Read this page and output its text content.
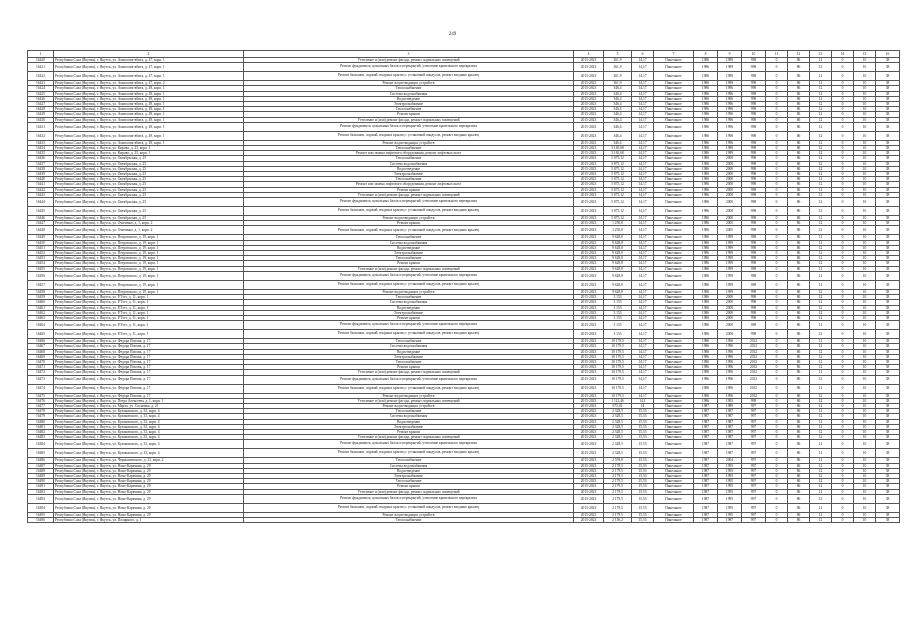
249
1	2	3	4	5	6	7	8	9	10	11	12	13	14	15	16
16420	Республика Саха (Якутия), г. Якутск, ул. Аммосова-вбита, д. 47, корп. 1	Утепление и (или) ремонт фасада, ремонт подвальных помещений	2015-2023	361,9	14,17	Панельное	1986	1989	998	0	86	12	0	10	38
16421	Республика Саха (Якутия), г. Якутск, ул. Аммосова-вбита, д. 47, корп. 1	Ремонт фундамента, цокольных балок и перекрытий, утепление кровельного перекрытия	2015-2023	361,9	14,17	Панельное	1986	1989	998	0	86	12	0	10	38
16422	Республика Саха (Якутия), г. Якутск, ул. Аммосова-вбита, д. 47, корп. 1	Ремонт балконов, лоджий, входных крылец с установкой пандусов, ремонт входных крылец	2015-2023	361,9	14,17	Панельное	1986	1989	998	0	86	12	0	10	38
16423	Республика Саха (Якутия), г. Якутск, ул. Аммосова-вбита, д. 47, корп. 2	Ремонт водоотводящих устройств	2015-2023	361,9	14,17	Панельное	1986	1989	998	0	86	12	0	10	38
16424	Республика Саха (Якутия), г. Якутск, ул. Аммосова-вбита, д. 49, корп. 1	Теплоснабжение	2015-2023	346,4	14,17	Панельное	1986	1996	998	0	86	12	0	10	38
16425	Республика Саха (Якутия), г. Якутск, ул. Аммосова-вбита, д. 49, корп. 1	Система водоснабжения	2015-2023	346,4	14,17	Панельное	1986	1996	998	0	86	12	0	10	38
16426	Республика Саха (Якутия), г. Якутск, ул. Аммосова-вбита, д. 49, корп. 1	Водоотведение	2015-2023	346,4	14,17	Панельное	1986	1996	998	0	86	12	0	10	38
16427	Республика Саха (Якутия), г. Якутск, ул. Аммосова-вбита, д. 49, корп. 1	Электроснабжение	2015-2023	346,4	14,17	Панельное	1986	1996	998	0	86	12	0	10	38
16428	Республика Саха (Якутия), г. Якутск, ул. Аммосова-вбита, д. 49, корп. 1	Теплоснабжение	2015-2023	346,4	14,17	Панельное	1986	1996	998	0	86	12	0	10	38
16429	Республика Саха (Якутия), г. Якутск, ул. Аммосова-вбита, д. 49, корп. 1	Ремонт крыши	2015-2023	346,4	14,17	Панельное	1986	1996	998	0	86	12	0	10	38
16430	Республика Саха (Якутия), г. Якутск, ул. Аммосова-вбита, д. 49, корп. 1	Утепление и (или) ремонт фасада, ремонт подвальных помещений	2015-2023	346,4	14,17	Панельное	1986	1996	998	0	86	12	0	10	38
16431	Республика Саха (Якутия), г. Якутск, ул. Аммосова-вбита, д. 49, корп. 1	Ремонт фундамента, цокольных балок и перекрытий, утепление кровельного перекрытия	2015-2023	346,4	14,17	Панельное	1986	1996	998	0	86	12	0	10	38
16432	Республика Саха (Якутия), г. Якутск, ул. Аммосова-вбита, д. 49, корп. 1	Ремонт балконов, лоджий, входных крылец с установкой пандусов, ремонт входных крылец	2015-2023	346,4	14,17	Панельное	1986	1996	998	0	86	12	0	10	38
16433	Республика Саха (Якутия), г. Якутск, ул. Аммосова-вбита, д. 49, корп. 1	Ремонт водоотводящих устройств	2015-2023	346,4	14,17	Панельное	1986	1996	998	0	86	12	0	10	38
16434	Республика Саха (Якутия), г. Якутск, ул. Кирова, д. 23, корп. 1	Теплоснабжение	2015-2023	3 165,68	14,17	Панельное	1986	1989	998	0	86	12	0	10	38
16435	Республика Саха (Якутия), г. Якутск, ул. Кирова, д. 23, корп. 1	Ремонт или замена лифтового оборудования, ремонт лифтовых шахт	2015-2023	3 165,68	14,17	Панельное	1986	1989	998	0	86	12	0	10	38
16436	Республика Саха (Якутия), г. Якутск, ул. Октябрьская, д. 25	Теплоснабжение	2015-2023	5 875,12	14,17	Панельное	1986	2000	998	0	86	12	0	10	38
16437	Республика Саха (Якутия), г. Якутск, ул. Октябрьская, д. 25	Система водоснабжения	2015-2023	5 875,12	14,17	Панельное	1986	2000	998	0	86	12	0	10	38
16438	Республика Саха (Якутия), г. Якутск, ул. Октябрьская, д. 25	Водоотведение	2015-2023	5 875,12	14,17	Панельное	1986	2000	998	0	86	12	0	10	38
16439	Республика Саха (Якутия), г. Якутск, ул. Октябрьская, д. 25	Электроснабжение	2015-2023	5 875,12	14,17	Панельное	1986	2000	998	0	86	12	0	10	38
16440	Республика Саха (Якутия), г. Якутск, ул. Октябрьская, д. 25	Теплоснабжение	2015-2023	5 875,12	14,17	Панельное	1986	2000	998	0	86	12	0	10	38
16441	Республика Саха (Якутия), г. Якутск, ул. Октябрьская, д. 25	Ремонт или замена лифтового оборудования, ремонт лифтовых шахт	2015-2023	5 875,12	14,17	Панельное	1986	2000	998	0	86	12	0	10	38
16442	Республика Саха (Якутия), г. Якутск, ул. Октябрьская, д. 25	Ремонт крыши	2015-2023	5 875,12	14,17	Панельное	1986	2000	998	0	86	12	0	10	38
16443	Республика Саха (Якутия), г. Якутск, ул. Октябрьская, д. 25	Утепление и (или) ремонт фасада, ремонт подвальных помещений	2015-2023	5 875,12	14,17	Панельное	1986	2000	998	0	86	12	0	10	38
16444	Республика Саха (Якутия), г. Якутск, ул. Октябрьская, д. 25	Ремонт фундамента, цокольных балок и перекрытий, утепление кровельного перекрытия	2015-2023	5 875,12	14,17	Панельное	1986	2000	998	0	86	12	0	10	38
16445	Республика Саха (Якутия), г. Якутск, ул. Октябрьская, д. 25	Ремонт балконов, лоджий, входных крылец с установкой пандусов, ремонт входных крылец	2015-2023	5 875,12	14,17	Панельное	1986	2000	998	0	86	12	0	10	38
16446	Республика Саха (Якутия), г. Якутск, ул. Октябрьская, д. 25	Ремонт водоотводящих устройств	2015-2023	5 875,12	14,17	Панельное	1986	2000	998	0	86	12	0	10	38
16447	Республика Саха (Якутия), г. Якутск, ул. Очиченко, д. 1, корп. 2	Ремонт крыши	2015-2023	1 250,8	14,17	Панельное	1986	2005	998	0	86	12	0	10	38
16448	Республика Саха (Якутия), г. Якутск, ул. Очиченко, д. 1, корп. 2	Ремонт балконов, лоджий, входных крылец с установкой пандусов, ремонт входных крылец	2015-2023	1 250,8	14,17	Панельное	1986	2005	998	0	86	12	0	10	38
16449	Республика Саха (Якутия), г. Якутск, ул. Петровского, д. 19, корп. 1	Теплоснабжение	2015-2023	9 628,8	14,17	Панельное	1986	1999	998	0	86	12	0	10	38
16450	Республика Саха (Якутия), г. Якутск, ул. Петровского, д. 19, корп. 1	Система водоснабжения	2015-2023	9 628,8	14,17	Панельное	1986	1999	998	0	86	12	0	10	38
16451	Республика Саха (Якутия), г. Якутск, ул. Петровского, д. 19, корп. 1	Водоотведение	2015-2023	9 628,8	14,17	Панельное	1986	1999	998	0	86	12	0	10	38
16452	Республика Саха (Якутия), г. Якутск, ул. Петровского, д. 19, корп. 1	Электроснабжение	2015-2023	9 628,8	14,17	Панельное	1986	1999	998	0	86	12	0	10	38
16453	Республика Саха (Якутия), г. Якутск, ул. Петровского, д. 19, корп. 1	Теплоснабжение	2015-2023	9 628,8	14,17	Панельное	1986	1999	998	0	86	12	0	10	38
16454	Республика Саха (Якутия), г. Якутск, ул. Петровского, д. 19, корп. 1	Ремонт крыши	2015-2023	9 628,8	14,17	Панельное	1986	1999	998	0	86	12	0	10	38
16455	Республика Саха (Якутия), г. Якутск, ул. Петровского, д. 19, корп. 1	Утепление и (или) ремонт фасада, ремонт подвальных помещений	2015-2023	9 628,8	14,17	Панельное	1986	1999	998	0	86	12	0	10	38
16456	Республика Саха (Якутия), г. Якутск, ул. Петровского, д. 19, корп. 1	Ремонт фундамента, цокольных балок и перекрытий, утепление кровельного перекрытия	2015-2023	9 628,8	14,17	Панельное	1986	1999	998	0	86	12	0	10	38
16457	Республика Саха (Якутия), г. Якутск, ул. Петровского, д. 19, корп. 1	Ремонт балконов, лоджий, входных крылец с установкой пандусов, ремонт входных крылец	2015-2023	9 628,8	14,17	Панельное	1986	1999	998	0	86	12	0	10	38
16458	Республика Саха (Якутия), г. Якутск, ул. Петровского, д. 19, корп. 1	Ремонт водоотводящих устройств	2015-2023	9 628,8	14,17	Панельное	1986	1999	998	0	86	12	0	10	38
16459	Республика Саха (Якутия), г. Якутск, ул. Р.Тэгэ, д. 11, корп. 1	Теплоснабжение	2015-2023	3 153	14,17	Панельное	1986	2000	998	0	86	12	0	10	38
16460	Республика Саха (Якутия), г. Якутск, ул. Р.Тэгэ, д. 11, корп. 1	Система водоснабжения	2015-2023	3 153	14,17	Панельное	1986	2000	998	0	86	12	0	10	38
16461	Республика Саха (Якутия), г. Якутск, ул. Р.Тэгэ, д. 11, корп. 1	Водоотведение	2015-2023	3 153	14,17	Панельное	1986	2000	998	0	86	12	0	10	38
16462	Республика Саха (Якутия), г. Якутск, ул. Р.Тэгэ, д. 11, корп. 1	Электроснабжение	2015-2023	3 153	14,17	Панельное	1986	2000	998	0	86	12	0	10	38
16463	Республика Саха (Якутия), г. Якутск, ул. Р.Тэгэ, д. 11, корп. 1	Ремонт крыши	2015-2023	3 153	14,17	Панельное	1986	2000	998	0	86	12	0	10	38
16464	Республика Саха (Якутия), г. Якутск, ул. Р.Тэгэ, д. 11, корп. 1	Ремонт фундамента, цокольных балок и перекрытий, утепление кровельного перекрытия	2015-2023	3 153	14,17	Панельное	1986	2000	998	0	86	12	0	10	38
16465	Республика Саха (Якутия), г. Якутск, ул. Р.Тэгэ, д. 11, корп. 1	Ремонт балконов, лоджий, входных крылец с установкой пандусов, ремонт входных крылец	2015-2023	3 153	14,17	Панельное	1986	2000	998	0	86	12	0	10	38
16466	Республика Саха (Якутия), г. Якутск, ул. Федора Попова, д. 17	Теплоснабжение	2015-2023	10 179,5	14,17	Панельное	1986	1996	2012	0	86	12	0	10	38
16467	Республика Саха (Якутия), г. Якутск, ул. Федора Попова, д. 17	Система водоснабжения	2015-2023	10 179,5	14,17	Панельное	1986	1996	2012	0	86	12	0	10	38
16468	Республика Саха (Якутия), г. Якутск, ул. Федора Попова, д. 17	Водоотведение	2015-2023	10 179,5	14,17	Панельное	1986	1996	2012	0	86	12	0	10	38
16469	Республика Саха (Якутия), г. Якутск, ул. Федора Попова, д. 17	Электроснабжение	2015-2023	10 179,5	14,17	Панельное	1986	1996	2012	0	86	12	0	10	38
16470	Республика Саха (Якутия), г. Якутск, ул. Федора Попова, д. 17	Теплоснабжение	2015-2023	10 179,5	14,17	Панельное	1986	1996	2012	0	86	12	0	10	38
16471	Республика Саха (Якутия), г. Якутск, ул. Федора Попова, д. 17	Ремонт крыши	2015-2023	10 179,5	14,17	Панельное	1986	1996	2012	0	86	12	0	10	38
16472	Республика Саха (Якутия), г. Якутск, ул. Федора Попова, д. 17	Утепление и (или) ремонт фасада, ремонт подвальных помещений	2015-2023	10 179,5	14,17	Панельное	1986	1996	2012	0	86	12	0	10	38
16473	Республика Саха (Якутия), г. Якутск, ул. Федора Попова, д. 17	Ремонт фундамента, цокольных балок и перекрытий, утепление кровельного перекрытия	2015-2023	10 179,5	14,17	Панельное	1986	1996	2012	0	86	12	0	10	38
16474	Республика Саха (Якутия), г. Якутск, ул. Федора Попова, д. 17	Ремонт балконов, лоджий, входных крылец с установкой пандусов, ремонт входных крылец	2015-2023	10 179,5	14,17	Панельное	1986	1996	2012	0	86	12	0	10	38
16475	Республика Саха (Якутия), г. Якутск, ул. Федора Попова, д. 17	Ремонт водоотводящих устройств	2015-2023	10 179,5	14,17	Панельное	1986	1996	2012	0	86	12	0	10	38
16476	Республика Саха (Якутия), г. Якутск, ул. Петра Алексеева, д. 1, корп. 1	Утепление и (или) ремонт фасада, ремонт подвальных помещений	2015-2023	1 112,46	14,1	Панельное	1986	1993	998	0	86	12	0	10	38
16477	Республика Саха (Якутия), г. Якутск, ул. Марха, уч. Сосновка, д. 21	Ремонт водоотводящих устройств	2015-2023	973,02	14	Панельное	1987	1989	997	0	86	12	0	10	38
16478	Республика Саха (Якутия), г. Якутск, ул. Кулаковского, д. 33, корп. 4	Теплоснабжение	2015-2023	2 328,5	15,53	Панельное	1987	1987	997	0	86	12	0	10	38
16479	Республика Саха (Якутия), г. Якутск, ул. Кулаковского, д. 33, корп. 4	Система водоснабжения	2015-2023	2 328,5	15,53	Панельное	1987	1987	997	0	86	12	0	10	38
16480	Республика Саха (Якутия), г. Якутск, ул. Кулаковского, д. 33, корп. 4	Водоотведение	2015-2023	2 328,5	15,53	Панельное	1987	1987	997	0	86	12	0	10	38
16481	Республика Саха (Якутия), г. Якутск, ул. Кулаковского, д. 33, корп. 4	Электроснабжение	2015-2023	2 328,5	15,53	Панельное	1987	1987	997	0	86	12	0	10	38
16482	Республика Саха (Якутия), г. Якутск, ул. Кулаковского, д. 33, корп. 4	Ремонт крыши	2015-2023	2 328,5	15,53	Панельное	1987	1987	997	0	86	12	0	10	38
16483	Республика Саха (Якутия), г. Якутск, ул. Кулаковского, д. 33, корп. 4	Утепление и (или) ремонт фасада, ремонт подвальных помещений	2015-2023	2 328,5	15,53	Панельное	1987	1987	997	0	86	12	0	10	38
16484	Республика Саха (Якутия), г. Якутск, ул. Кулаковского, д. 33, корп. 4	Ремонт фундамента, цокольных балок и перекрытий, утепление кровельного перекрытия	2015-2023	2 328,5	15,53	Панельное	1987	1987	997	0	86	12	0	10	38
16485	Республика Саха (Якутия), г. Якутск, ул. Кулаковского, д. 33, корп. 4	Ремонт балконов, лоджий, входных крылец с установкой пандусов, ремонт входных крылец	2015-2023	2 328,5	15,53	Панельное	1987	1987	997	0	86	12	0	10	38
16486	Республика Саха (Якутия), г. Якутск, ул. Чернышевского, д. 23, корп. 2	Теплоснабжение	2015-2023	2 559,8	15,53	Панельное	1987	2004	997	0	86	12	0	10	38
16487	Республика Саха (Якутия), г. Якутск, ул. Ноно-Карачина, д. 29	Система водоснабжения	2015-2023	2 179,5	15,53	Панельное	1987	1995	997	0	86	12	0	10	38
16488	Республика Саха (Якутия), г. Якутск, ул. Ноно-Карачина, д. 29	Водоотведение	2015-2023	2 179,5	15,53	Панельное	1987	1995	997	0	86	12	0	10	38
16489	Республика Саха (Якутия), г. Якутск, ул. Ноно-Карачина, д. 29	Электроснабжение	2015-2023	2 179,5	15,53	Панельное	1987	1995	997	0	86	12	0	10	38
16490	Республика Саха (Якутия), г. Якутск, ул. Ноно-Карачина, д. 29	Теплоснабжение	2015-2023	2 179,5	15,53	Панельное	1987	1995	997	0	86	12	0	10	38
16491	Республика Саха (Якутия), г. Якутск, ул. Ноно-Карачина, д. 29	Ремонт крыши	2015-2023	2 179,5	15,53	Панельное	1987	1995	997	0	86	12	0	10	38
16492	Республика Саха (Якутия), г. Якутск, ул. Ноно-Карачина, д. 29	Утепление и (или) ремонт фасада, ремонт подвальных помещений	2015-2023	2 179,5	15,53	Панельное	1987	1995	997	0	86	12	0	10	38
16493	Республика Саха (Якутия), г. Якутск, ул. Ноно-Карачина, д. 29	Ремонт фундамента, цокольных балок и перекрытий, утепление кровельного перекрытия	2015-2023	2 179,5	15,53	Панельное	1987	1995	997	0	86	12	0	10	38
16494	Республика Саха (Якутия), г. Якутск, ул. Ноно-Карачина, д. 29	Ремонт балконов, лоджий, входных крылец с установкой пандусов, ремонт входных крылец	2015-2023	2 179,5	15,53	Панельное	1987	1995	997	0	86	12	0	10	38
16495	Республика Саха (Якутия), г. Якутск, ул. Ноно-Карачина, д. 29	Ремонт водоотводящих устройств	2015-2023	2 179,5	15,53	Панельное	1987	1995	997	0	86	12	0	10	38
16496	Республика Саха (Якутия), г. Якутск, ул. Полярного, д. 1	Теплоснабжение	2015-2023	2 156,2	15,53	Панельное	1987	1987	997	0	86	12	0	10	38
